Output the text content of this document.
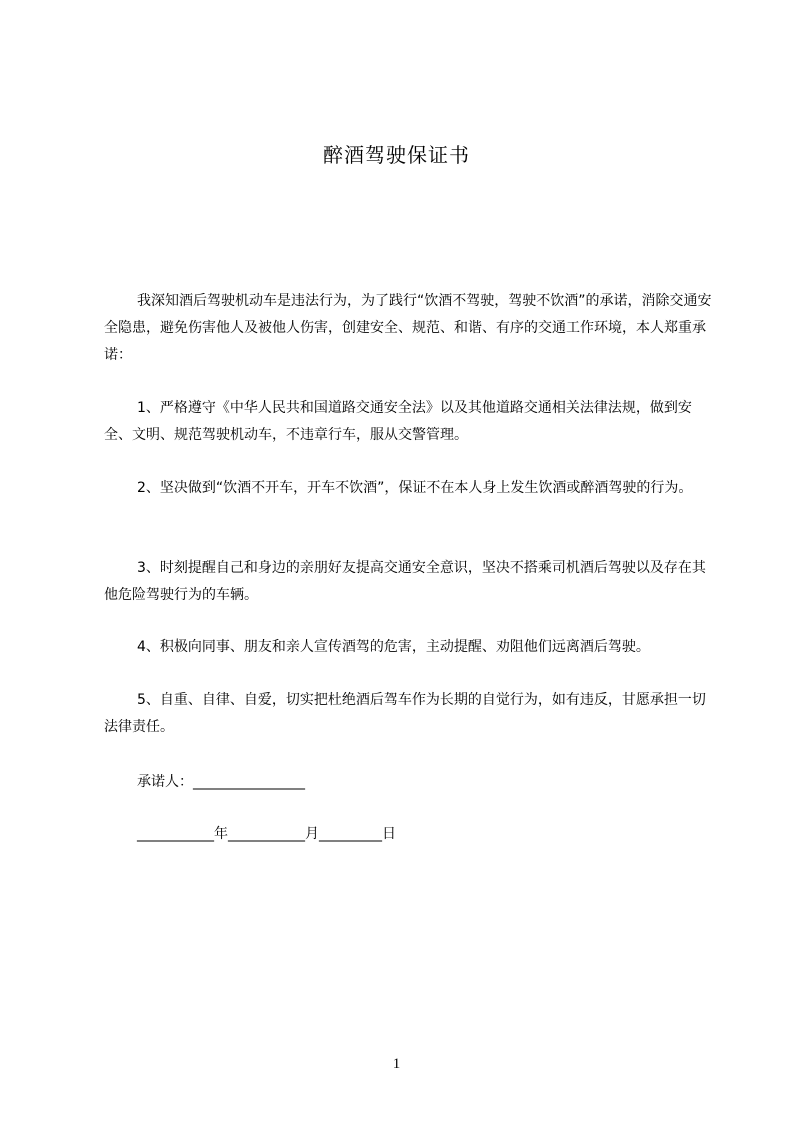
醉酒驾驶保证书

我深知酒后驾驶机动车是违法行为，为了践行“饮酒不驾驶，驾驶不饮酒”的承诺，消除交通安全隐患，避免伤害他人及被他人伤害，创建安全、规范、和谐、有序的交通工作环境，本人郑重承诺：

1、严格遵守《中华人民共和国道路交通安全法》以及其他道路交通相关法律法规，做到安全、文明、规范驾驶机动车，不违章行车，服从交警管理。

2、坚决做到“饮酒不开车，开车不饮酒”，保证不在本人身上发生饮酒或醉酒驾驶的行为。

3、时刻提醒自己和身边的亲朋好友提高交通安全意识，坚决不搭乘司机酒后驾驶以及存在其他危险驾驶行为的车辆。

4、积极向同事、朋友和亲人宣传酒驾的危害，主动提醒、劝阻他们远离酒后驾驶。

5、自重、自律、自爱，切实把杜绝酒后驾车作为长期的自觉行为，如有违反，甘愿承担一切法律责任。

承诺人：________________
___________年___________月_________日
1
